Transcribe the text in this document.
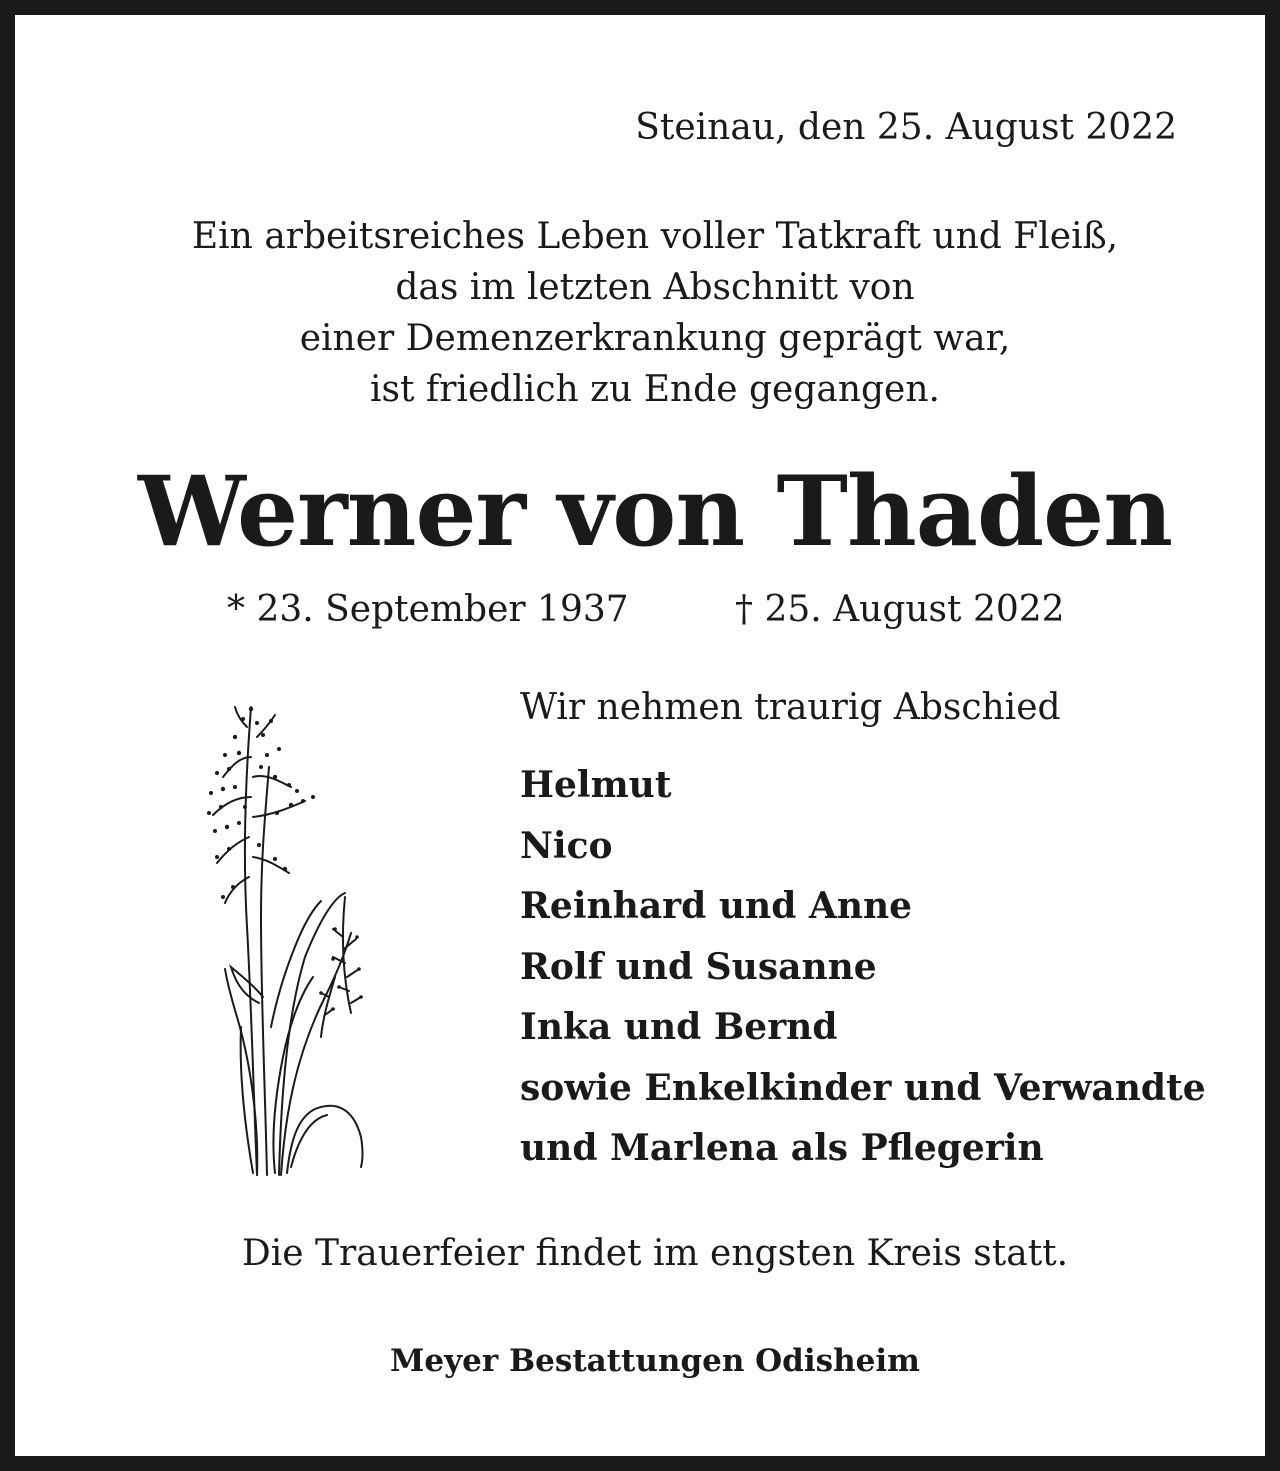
Steinau, den 25. August 2022
Ein arbeitsreiches Leben voller Tatkraft und Fleiß,
das im letzten Abschnitt von
einer Demenzerkrankung geprägt war,
ist friedlich zu Ende gegangen.
Werner von Thaden
* 23. September 1937	† 25. August 2022
Wir nehmen traurig Abschied
Helmut
Nico
Reinhard und Anne
Rolf und Susanne
Inka und Bernd
sowie Enkelkinder und Verwandte
und Marlena als Pflegerin
Die Trauerfeier findet im engsten Kreis statt.
Meyer Bestattungen Odisheim
